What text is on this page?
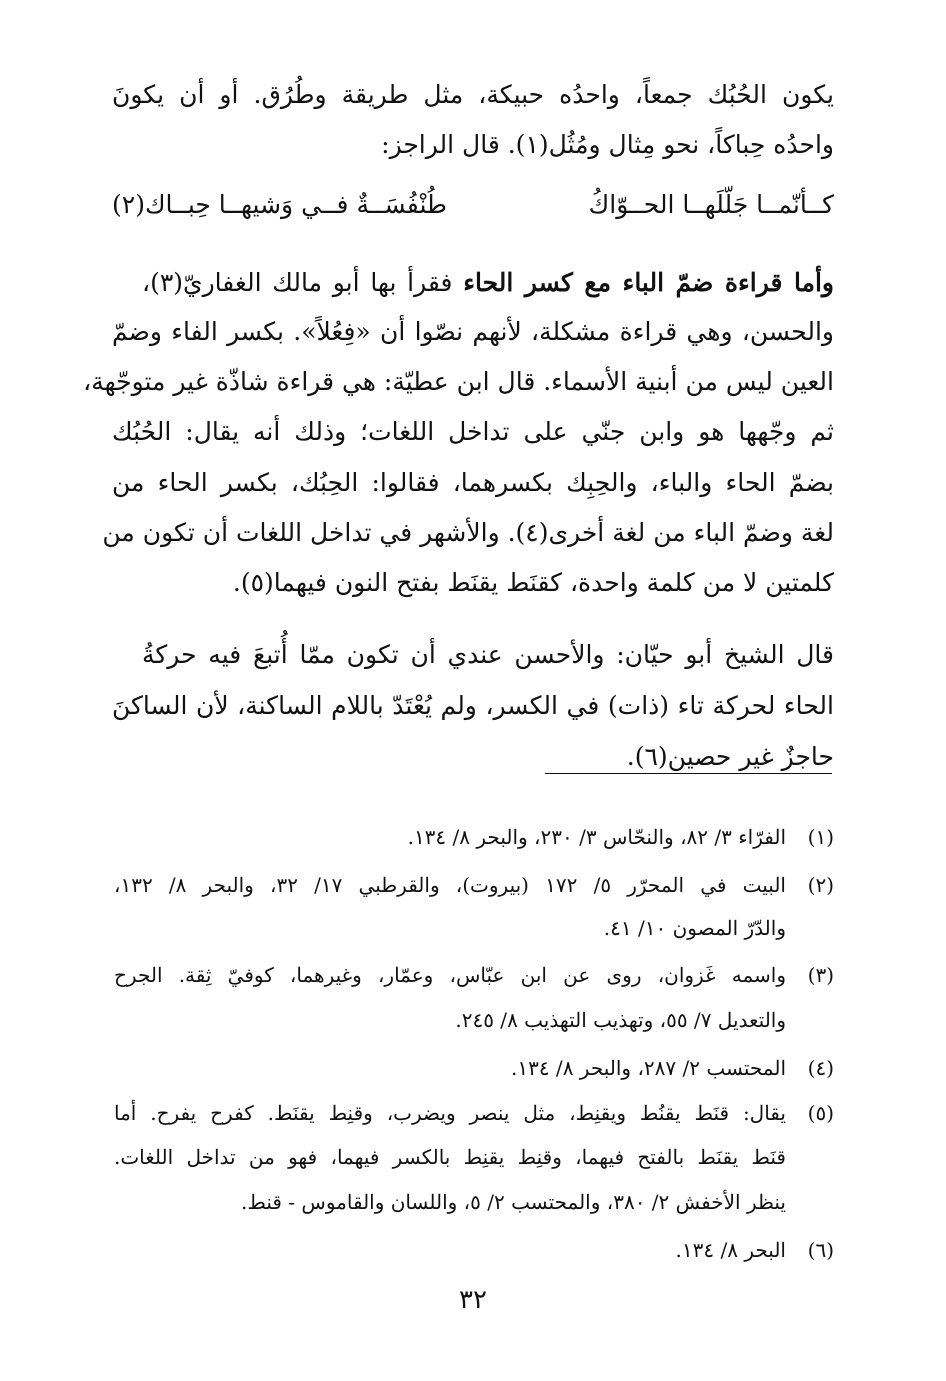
يكون الحُبُك جمعاً، واحدُه حبيكة، مثل طريقة وطُرُق. أو أن يكونَ
واحدُه حِباكاً، نحو مِثال ومُثُل(١). قال الراجز:
كــأنّمــا جَلّلَهــا الحــوّاكُ
طُنْفُسَــةٌ فــي وَشيهــا حِبــاك(٢)
وأما قراءة ضمّ الباء مع كسر الحاء فقرأ بها أبو مالك الغفاريّ(٣)،
والحسن، وهي قراءة مشكلة، لأنهم نصّوا أن «فِعُلاً». بكسر الفاء وضمّ
العين ليس من أبنية الأسماء. قال ابن عطيّة: هي قراءة شاذّة غير متوجّهة،
ثم وجّهها هو وابن جنّي على تداخل اللغات؛ وذلك أنه يقال: الحُبُك
بضمّ الحاء والباء، والحِبِك بكسرهما، فقالوا: الحِبُك، بكسر الحاء من
لغة وضمّ الباء من لغة أخرى(٤). والأشهر في تداخل اللغات أن تكون من
كلمتين لا من كلمة واحدة، كقنَط يقنَط بفتح النون فيهما(٥).
قال الشيخ أبو حيّان: والأحسن عندي أن تكون ممّا أُتبعَ فيه حركةُ
الحاء لحركة تاء (ذات) في الكسر، ولم يُعْتَدّ باللام الساكنة، لأن الساكنَ
حاجزٌ غير حصين(٦).
(١)
الفرّاء ٣/ ٨٢، والنحّاس ٣/ ٢٣٠، والبحر ٨/ ١٣٤.
(٢)
البيت في المحرّر ٥/ ١٧٢ (بيروت)، والقرطبي ١٧/ ٣٢، والبحر ٨/ ١٣٢،
والدّرّ المصون ١٠/ ٤١.
(٣)
واسمه غَزوان، روى عن ابن عبّاس، وعمّار، وغيرهما، كوفيّ ثِقة. الجرح
والتعديل ٧/ ٥٥، وتهذيب التهذيب ٨/ ٢٤٥.
(٤)
المحتسب ٢/ ٢٨٧، والبحر ٨/ ١٣٤.
(٥)
يقال: قنَط يقنُط ويقنِط، مثل ينصر ويضرب، وقنِط يقنَط. كفرح يفرح. أما
قنَط يقنَط بالفتح فيهما، وقنِط يقنِط بالكسر فيهما، فهو من تداخل اللغات.
ينظر الأخفش ٢/ ٣٨٠، والمحتسب ٢/ ٥، واللسان والقاموس - قنط.
(٦)
البحر ٨/ ١٣٤.
٣٢
